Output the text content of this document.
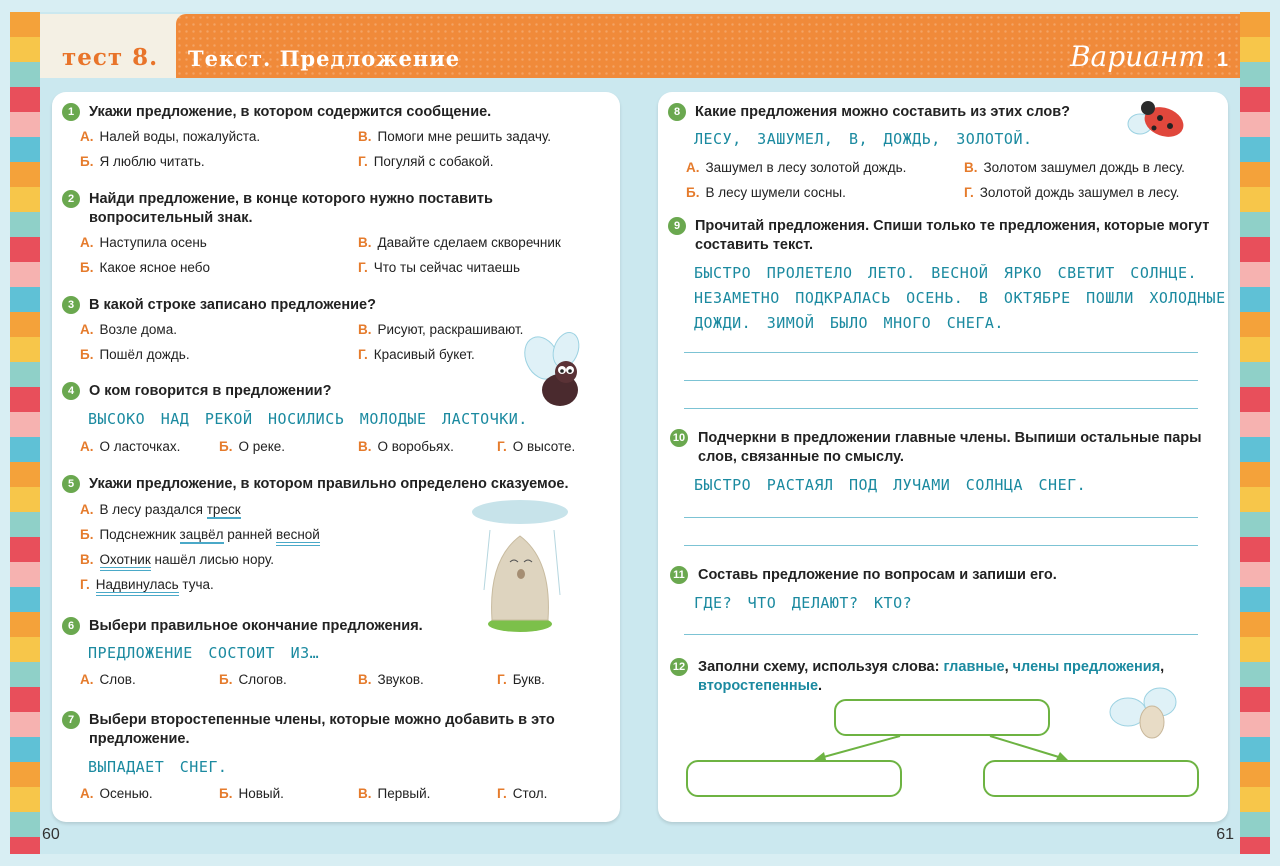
тест 8. Текст. Предложение	Вариант 1
60	61
1	Укажи предложение, в котором содержится сообщение.
А. Налей воды, пожалуйста.	В. Помоги мне решить задачу.
Б. Я люблю читать.	Г. Погуляй с собакой.
2	Найди предложение, в конце которого нужно поставить вопросительный знак.
А. Наступила осень	В. Давайте сделаем скворечник
Б. Какое ясное небо	Г. Что ты сейчас читаешь
3	В какой строке записано предложение?
А. Возле дома.	В. Рисуют, раскрашивают.
Б. Пошёл дождь.	Г. Красивый букет.
4	О ком говорится в предложении?
ВЫСОКО НАД РЕКОЙ НОСИЛИСЬ МОЛОДЫЕ ЛАСТОЧКИ.
А. О ласточках.	Б. О реке.	В. О воробьях.	Г. О высоте.
5	Укажи предложение, в котором правильно определено сказуемое.
А. В лесу раздался треск
Б. Подснежник зацвёл ранней весной
В. Охотник нашёл лисью нору.
Г. Надвинулась туча.
6	Выбери правильное окончание предложения.
ПРЕДЛОЖЕНИЕ СОСТОИТ ИЗ…
А. Слов.	Б. Слогов.	В. Звуков.	Г. Букв.
7	Выбери второстепенные члены, которые можно добавить в это предложение.
ВЫПАДАЕТ СНЕГ.
А. Осенью.	Б. Новый.	В. Первый.	Г. Стол.
8	Какие предложения можно составить из этих слов?
ЛЕСУ, ЗАШУМЕЛ, В, ДОЖДЬ, ЗОЛОТОЙ.
А. Зашумел в лесу золотой дождь.	В. Золотом зашумел дождь в лесу.
Б. В лесу шумели сосны.	Г. Золотой дождь зашумел в лесу.
9	Прочитай предложения. Спиши только те предложения, которые могут составить текст.
БЫСТРО ПРОЛЕТЕЛО ЛЕТО. ВЕСНОЙ ЯРКО СВЕТИТ СОЛНЦЕ.
НЕЗАМЕТНО ПОДКРАЛАСЬ ОСЕНЬ. В ОКТЯБРЕ ПОШЛИ ХОЛОДНЫЕ
ДОЖДИ. ЗИМОЙ БЫЛО МНОГО СНЕГА.
10 Подчеркни в предложении главные члены. Выпиши остальные пары слов, связанные по смыслу.
БЫСТРО РАСТАЯЛ ПОД ЛУЧАМИ СОЛНЦА СНЕГ.
11 Составь предложение по вопросам и запиши его.
ГДЕ? ЧТО ДЕЛАЮТ? КТО?
12 Заполни схему, используя слова: главные, члены предложения, второстепенные.
